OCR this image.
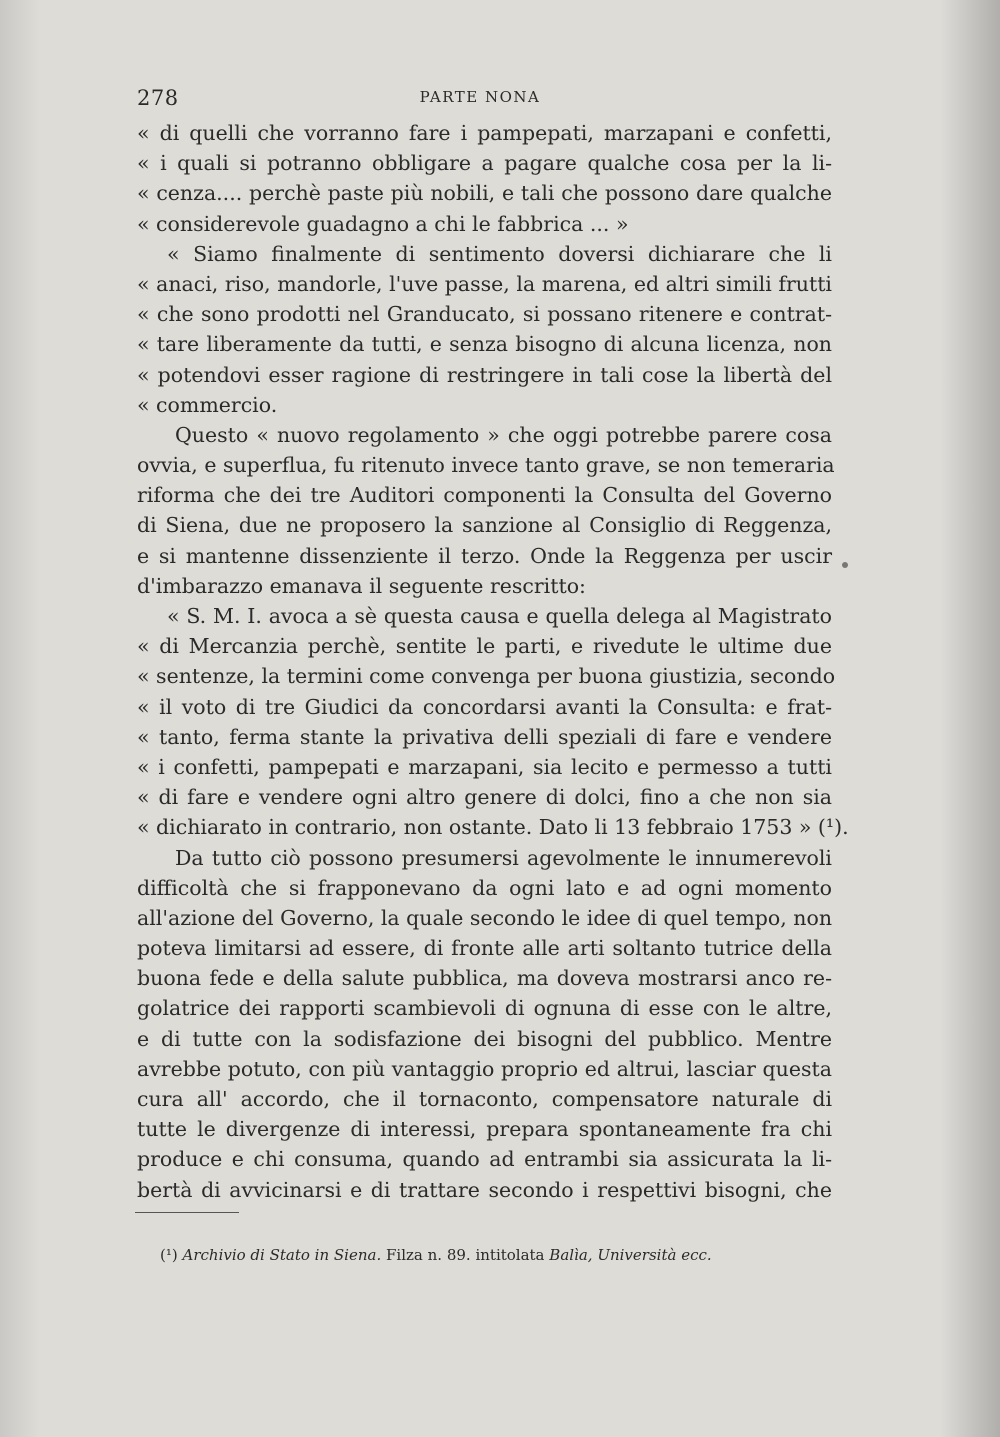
278	PARTE NONA
« di quelli che vorranno fare i pampepati, marzapani e confetti,
« i quali si potranno obbligare a pagare qualche cosa per la li-
« cenza.... perchè paste più nobili, e tali che possono dare qualche
« considerevole guadagno a chi le fabbrica ... »
« Siamo finalmente di sentimento doversi dichiarare che li
« anaci, riso, mandorle, l'uve passe, la marena, ed altri simili frutti
« che sono prodotti nel Granducato, si possano ritenere e contrat-
« tare liberamente da tutti, e senza bisogno di alcuna licenza, non
« potendovi esser ragione di restringere in tali cose la libertà del
« commercio.
Questo « nuovo regolamento » che oggi potrebbe parere cosa
ovvia, e superflua, fu ritenuto invece tanto grave, se non temeraria
riforma che dei tre Auditori componenti la Consulta del Governo
di Siena, due ne proposero la sanzione al Consiglio di Reggenza,
e si mantenne dissenziente il terzo. Onde la Reggenza per uscir
d'imbarazzo emanava il seguente rescritto:
« S. M. I. avoca a sè questa causa e quella delega al Magistrato
« di Mercanzia perchè, sentite le parti, e rivedute le ultime due
« sentenze, la termini come convenga per buona giustizia, secondo
« il voto di tre Giudici da concordarsi avanti la Consulta: e frat-
« tanto, ferma stante la privativa delli speziali di fare e vendere
« i confetti, pampepati e marzapani, sia lecito e permesso a tutti
« di fare e vendere ogni altro genere di dolci, fino a che non sia
« dichiarato in contrario, non ostante. Dato li 13 febbraio 1753 » (¹).
Da tutto ciò possono presumersi agevolmente le innumerevoli
difficoltà che si frapponevano da ogni lato e ad ogni momento
all'azione del Governo, la quale secondo le idee di quel tempo, non
poteva limitarsi ad essere, di fronte alle arti soltanto tutrice della
buona fede e della salute pubblica, ma doveva mostrarsi anco re-
golatrice dei rapporti scambievoli di ognuna di esse con le altre,
e di tutte con la sodisfazione dei bisogni del pubblico. Mentre
avrebbe potuto, con più vantaggio proprio ed altrui, lasciar questa
cura all' accordo, che il tornaconto, compensatore naturale di
tutte le divergenze di interessi, prepara spontaneamente fra chi
produce e chi consuma, quando ad entrambi sia assicurata la li-
bertà di avvicinarsi e di trattare secondo i respettivi bisogni, che
(¹) Archivio di Stato in Siena. Filza n. 89. intitolata Balìa, Università ecc.
